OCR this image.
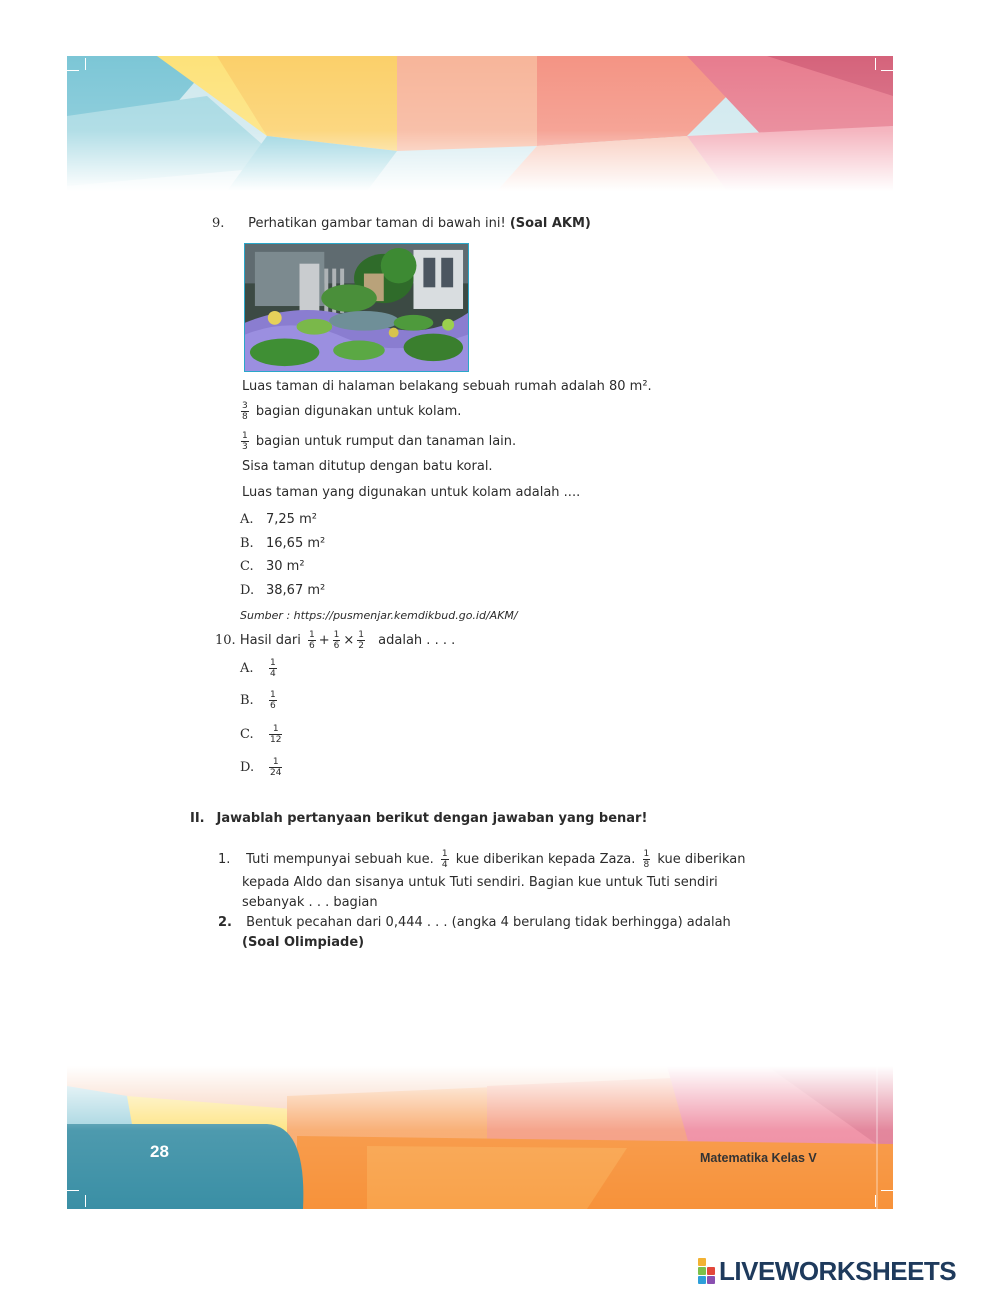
9. Perhatikan gambar taman di bawah ini! (Soal AKM)
Luas taman di halaman belakang sebuah rumah adalah 80 m².
$\frac{3}{8}$ bagian digunakan untuk kolam.
$\frac{1}{3}$ bagian untuk rumput dan tanaman lain.
Sisa taman ditutup dengan batu koral.
Luas taman yang digunakan untuk kolam adalah ....
A. 7,25 m²
B. 16,65 m²
C. 30 m²
D. 38,67 m²
Sumber : https://pusmenjar.kemdikbud.go.id/AKM/
10. Hasil dari $\frac{1}{6} + \frac{1}{6} \times \frac{1}{2}$ adalah . . . .
A. $\frac{1}{4}$
B. $\frac{1}{6}$
C. $\frac{1}{12}$
D. $\frac{1}{24}$
II. Jawablah pertanyaan berikut dengan jawaban yang benar!
1. Tuti mempunyai sebuah kue. $\frac{1}{4}$ kue diberikan kepada Zaza. $\frac{1}{8}$ kue diberikan
kepada Aldo dan sisanya untuk Tuti sendiri. Bagian kue untuk Tuti sendiri
sebanyak . . . bagian
2. Bentuk pecahan dari 0,444 . . . (angka 4 berulang tidak berhingga) adalah
(Soal Olimpiade)
28	Matematika Kelas V
LIVEWORKSHEETS
